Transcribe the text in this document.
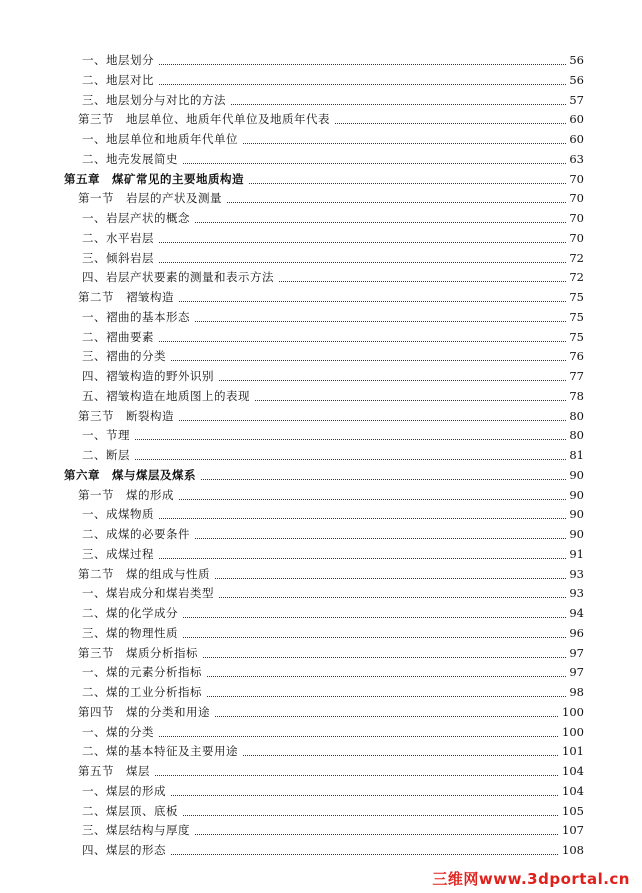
一、地层划分	56
二、地层对比	56
三、地层划分与对比的方法	57
第三节　地层单位、地质年代单位及地质年代表	60
一、地层单位和地质年代单位	60
二、地壳发展简史	63
第五章　煤矿常见的主要地质构造	70
第一节　岩层的产状及测量	70
一、岩层产状的概念	70
二、水平岩层	70
三、倾斜岩层	72
四、岩层产状要素的测量和表示方法	72
第二节　褶皱构造	75
一、褶曲的基本形态	75
二、褶曲要素	75
三、褶曲的分类	76
四、褶皱构造的野外识别	77
五、褶皱构造在地质图上的表现	78
第三节　断裂构造	80
一、节理	80
二、断层	81
第六章　煤与煤层及煤系	90
第一节　煤的形成	90
一、成煤物质	90
二、成煤的必要条件	90
三、成煤过程	91
第二节　煤的组成与性质	93
一、煤岩成分和煤岩类型	93
二、煤的化学成分	94
三、煤的物理性质	96
第三节　煤质分析指标	97
一、煤的元素分析指标	97
二、煤的工业分析指标	98
第四节　煤的分类和用途	100
一、煤的分类	100
二、煤的基本特征及主要用途	101
第五节　煤层	104
一、煤层的形成	104
二、煤层顶、底板	105
三、煤层结构与厚度	107
四、煤层的形态	108
三维网www.3dportal.cn
